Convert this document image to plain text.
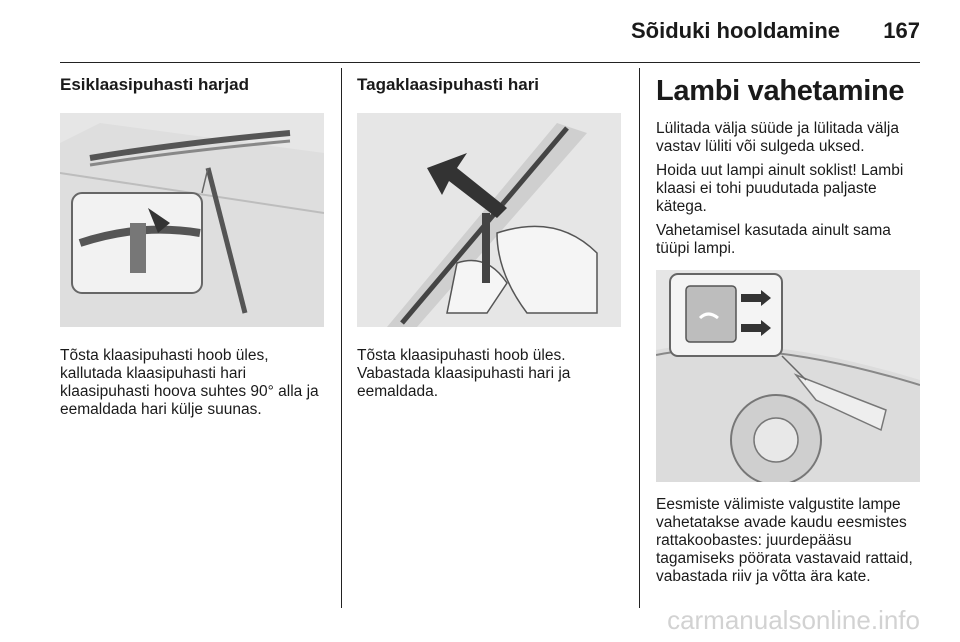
Sõiduki hooldamine 167
Esiklaasipuhasti harjad

Tõsta klaasipuhasti hoob üles, kallutada klaasipuhasti hari klaasipuhasti hoova suhtes 90° alla ja eemaldada hari külje suunas.

Tagaklaasipuhasti hari

Tõsta klaasipuhasti hoob üles. Vabastada klaasipuhasti hari ja eemaldada.

Lambi vahetamine

Lülitada välja süüde ja lülitada välja vastav lüliti või sulgeda uksed.

Hoida uut lampi ainult soklist! Lambi klaasi ei tohi puudutada paljaste kätega.

Vahetamisel kasutada ainult sama tüüpi lampi.

Eesmiste välimiste valgustite lampe vahetatakse avade kaudu eesmistes rattakoobastes: juurdepääsu tagamiseks pöörata vastavaid rattaid, vabastada riiv ja võtta ära kate.

carmanualsonline.info
